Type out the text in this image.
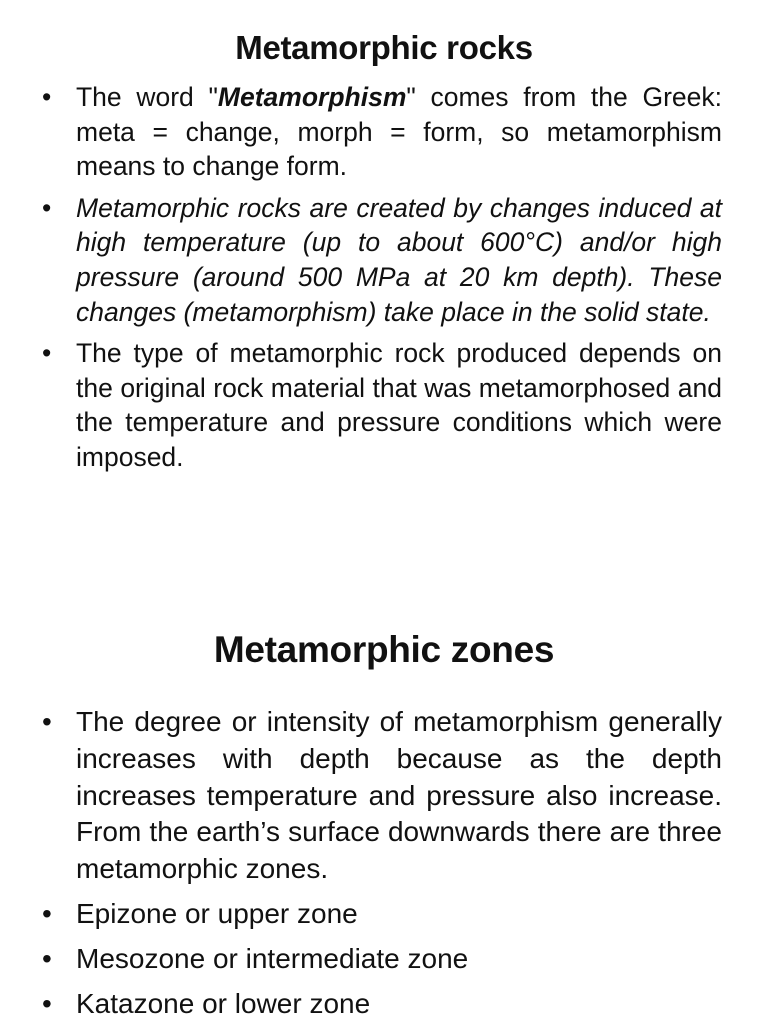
Metamorphic rocks
• The word "Metamorphism" comes from the Greek: meta = change, morph = form, so metamorphism means to change form.
• Metamorphic rocks are created by changes induced at high temperature (up to about 600°C) and/or high pressure (around 500 MPa at 20 km depth). These changes (metamorphism) take place in the solid state.
• The type of metamorphic rock produced depends on the original rock material that was metamorphosed and the temperature and pressure conditions which were imposed.
Metamorphic zones
• The degree or intensity of metamorphism generally increases with depth because as the depth increases temperature and pressure also increase. From the earth’s surface downwards there are three metamorphic zones.
• Epizone or upper zone
• Mesozone or intermediate zone
• Katazone or lower zone
